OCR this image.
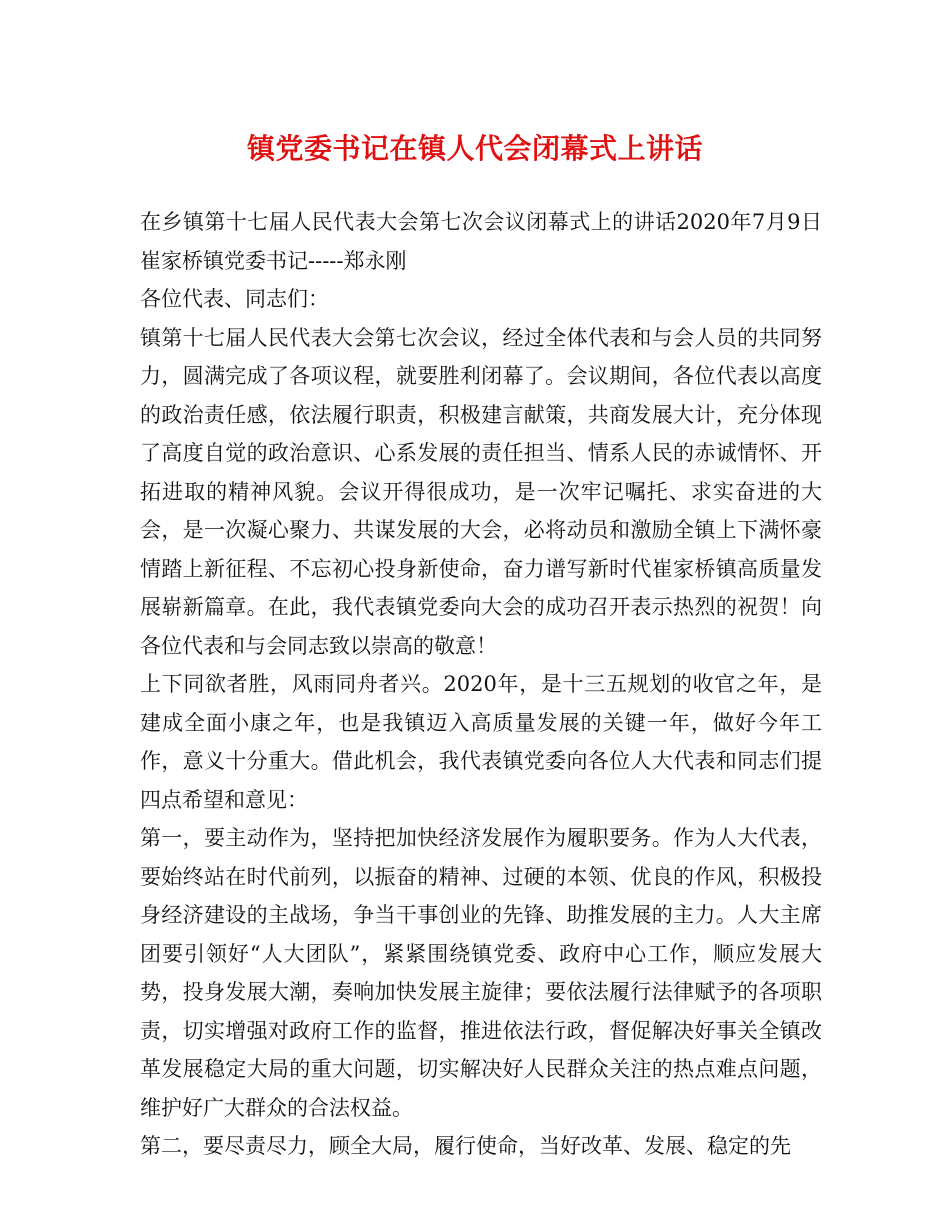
镇党委书记在镇人代会闭幕式上讲话

在乡镇第十七届人民代表大会第七次会议闭幕式上的讲话2020年7月9日崔家桥镇党委书记-----郑永刚

各位代表、同志们：

镇第十七届人民代表大会第七次会议，经过全体代表和与会人员的共同努力，圆满完成了各项议程，就要胜利闭幕了。会议期间，各位代表以高度的政治责任感，依法履行职责，积极建言献策，共商发展大计，充分体现了高度自觉的政治意识、心系发展的责任担当、情系人民的赤诚情怀、开拓进取的精神风貌。会议开得很成功，是一次牢记嘱托、求实奋进的大会，是一次凝心聚力、共谋发展的大会，必将动员和激励全镇上下满怀豪情踏上新征程、不忘初心投身新使命，奋力谱写新时代崔家桥镇高质量发展崭新篇章。在此，我代表镇党委向大会的成功召开表示热烈的祝贺！向各位代表和与会同志致以崇高的敬意！

上下同欲者胜，风雨同舟者兴。2020年，是十三五规划的收官之年，是建成全面小康之年，也是我镇迈入高质量发展的关键一年，做好今年工作，意义十分重大。借此机会，我代表镇党委向各位人大代表和同志们提四点希望和意见：

第一，要主动作为，坚持把加快经济发展作为履职要务。作为人大代表，要始终站在时代前列，以振奋的精神、过硬的本领、优良的作风，积极投身经济建设的主战场，争当干事创业的先锋、助推发展的主力。人大主席团要引领好“人大团队”，紧紧围绕镇党委、政府中心工作，顺应发展大势，投身发展大潮，奏响加快发展主旋律；要依法履行法律赋予的各项职责，切实增强对政府工作的监督，推进依法行政，督促解决好事关全镇改革发展稳定大局的重大问题，切实解决好人民群众关注的热点难点问题，维护好广大群众的合法权益。

第二，要尽责尽力，顾全大局，履行使命，当好改革、发展、稳定的先
